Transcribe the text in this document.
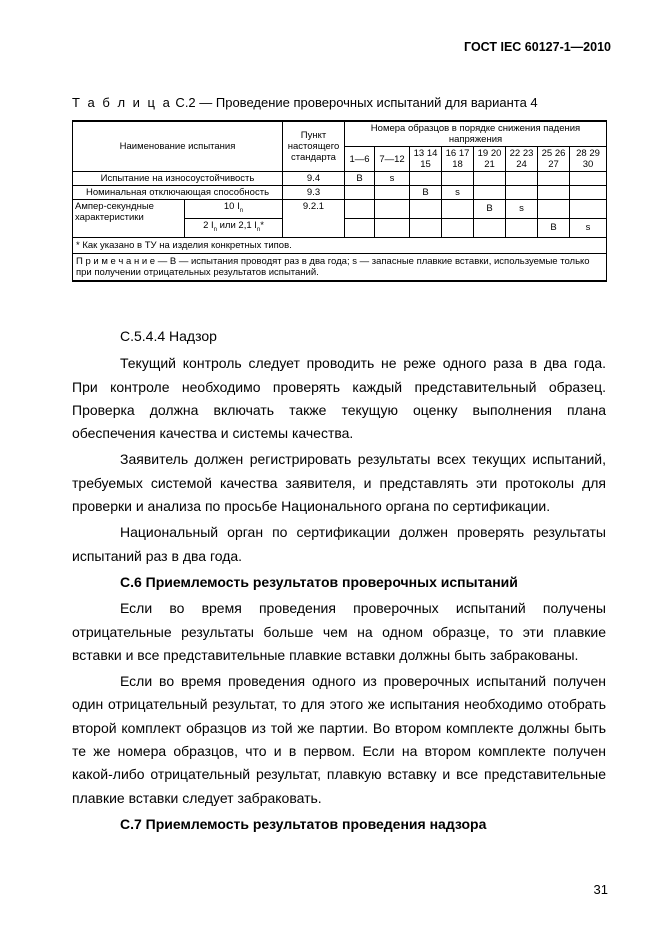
ГОСТ IEC 60127-1—2010
Т а б л и ц а С.2 — Проведение проверочных испытаний для варианта 4
Наименование испытания		Пункт настоящего стандарта	Номера образцов в порядке снижения падения напряжения							
			1—6	7—12	13 14 15	16 17 18	19 20 21	22 23 24	25 26 27	28 29 30
Испытание на износоустойчивость		9.4	В	s						
Номинальная отключающая способность		9.3			В	s				
Ампер-секундные характеристики	10 $I_n$	9.2.1					В	s		
	2 $I_n$ или 2,1 $I_n*$								В	s
* Как указано в ТУ на изделия конкретных типов.										
П р и м е ч а н и е — В — испытания проводят раз в два года; s — запасные плавкие вставки, используемые только при получении отрицательных результатов испытаний.										

С.5.4.4 Надзор

Текущий контроль следует проводить не реже одного раза в два года. При контроле необходимо проверять каждый представительный образец. Проверка должна включать также текущую оценку выполнения плана обеспечения качества и системы качества.

Заявитель должен регистрировать результаты всех текущих испытаний, требуемых системой качества заявителя, и представлять эти протоколы для проверки и анализа по просьбе Национального органа по сертификации.

Национальный орган по сертификации должен проверять результаты испытаний раз в два года.

С.6 Приемлемость результатов проверочных испытаний

Если во время проведения проверочных испытаний получены отрицательные результаты больше чем на одном образце, то эти плавкие вставки и все представительные плавкие вставки должны быть забракованы.

Если во время проведения одного из проверочных испытаний получен один отрицательный результат, то для этого же испытания необходимо отобрать второй комплект образцов из той же партии. Во втором комплекте должны быть те же номера образцов, что и в первом. Если на втором комплекте получен какой-либо отрицательный результат, плавкую вставку и все представительные плавкие вставки следует забраковать.

С.7 Приемлемость результатов проведения надзора

31
